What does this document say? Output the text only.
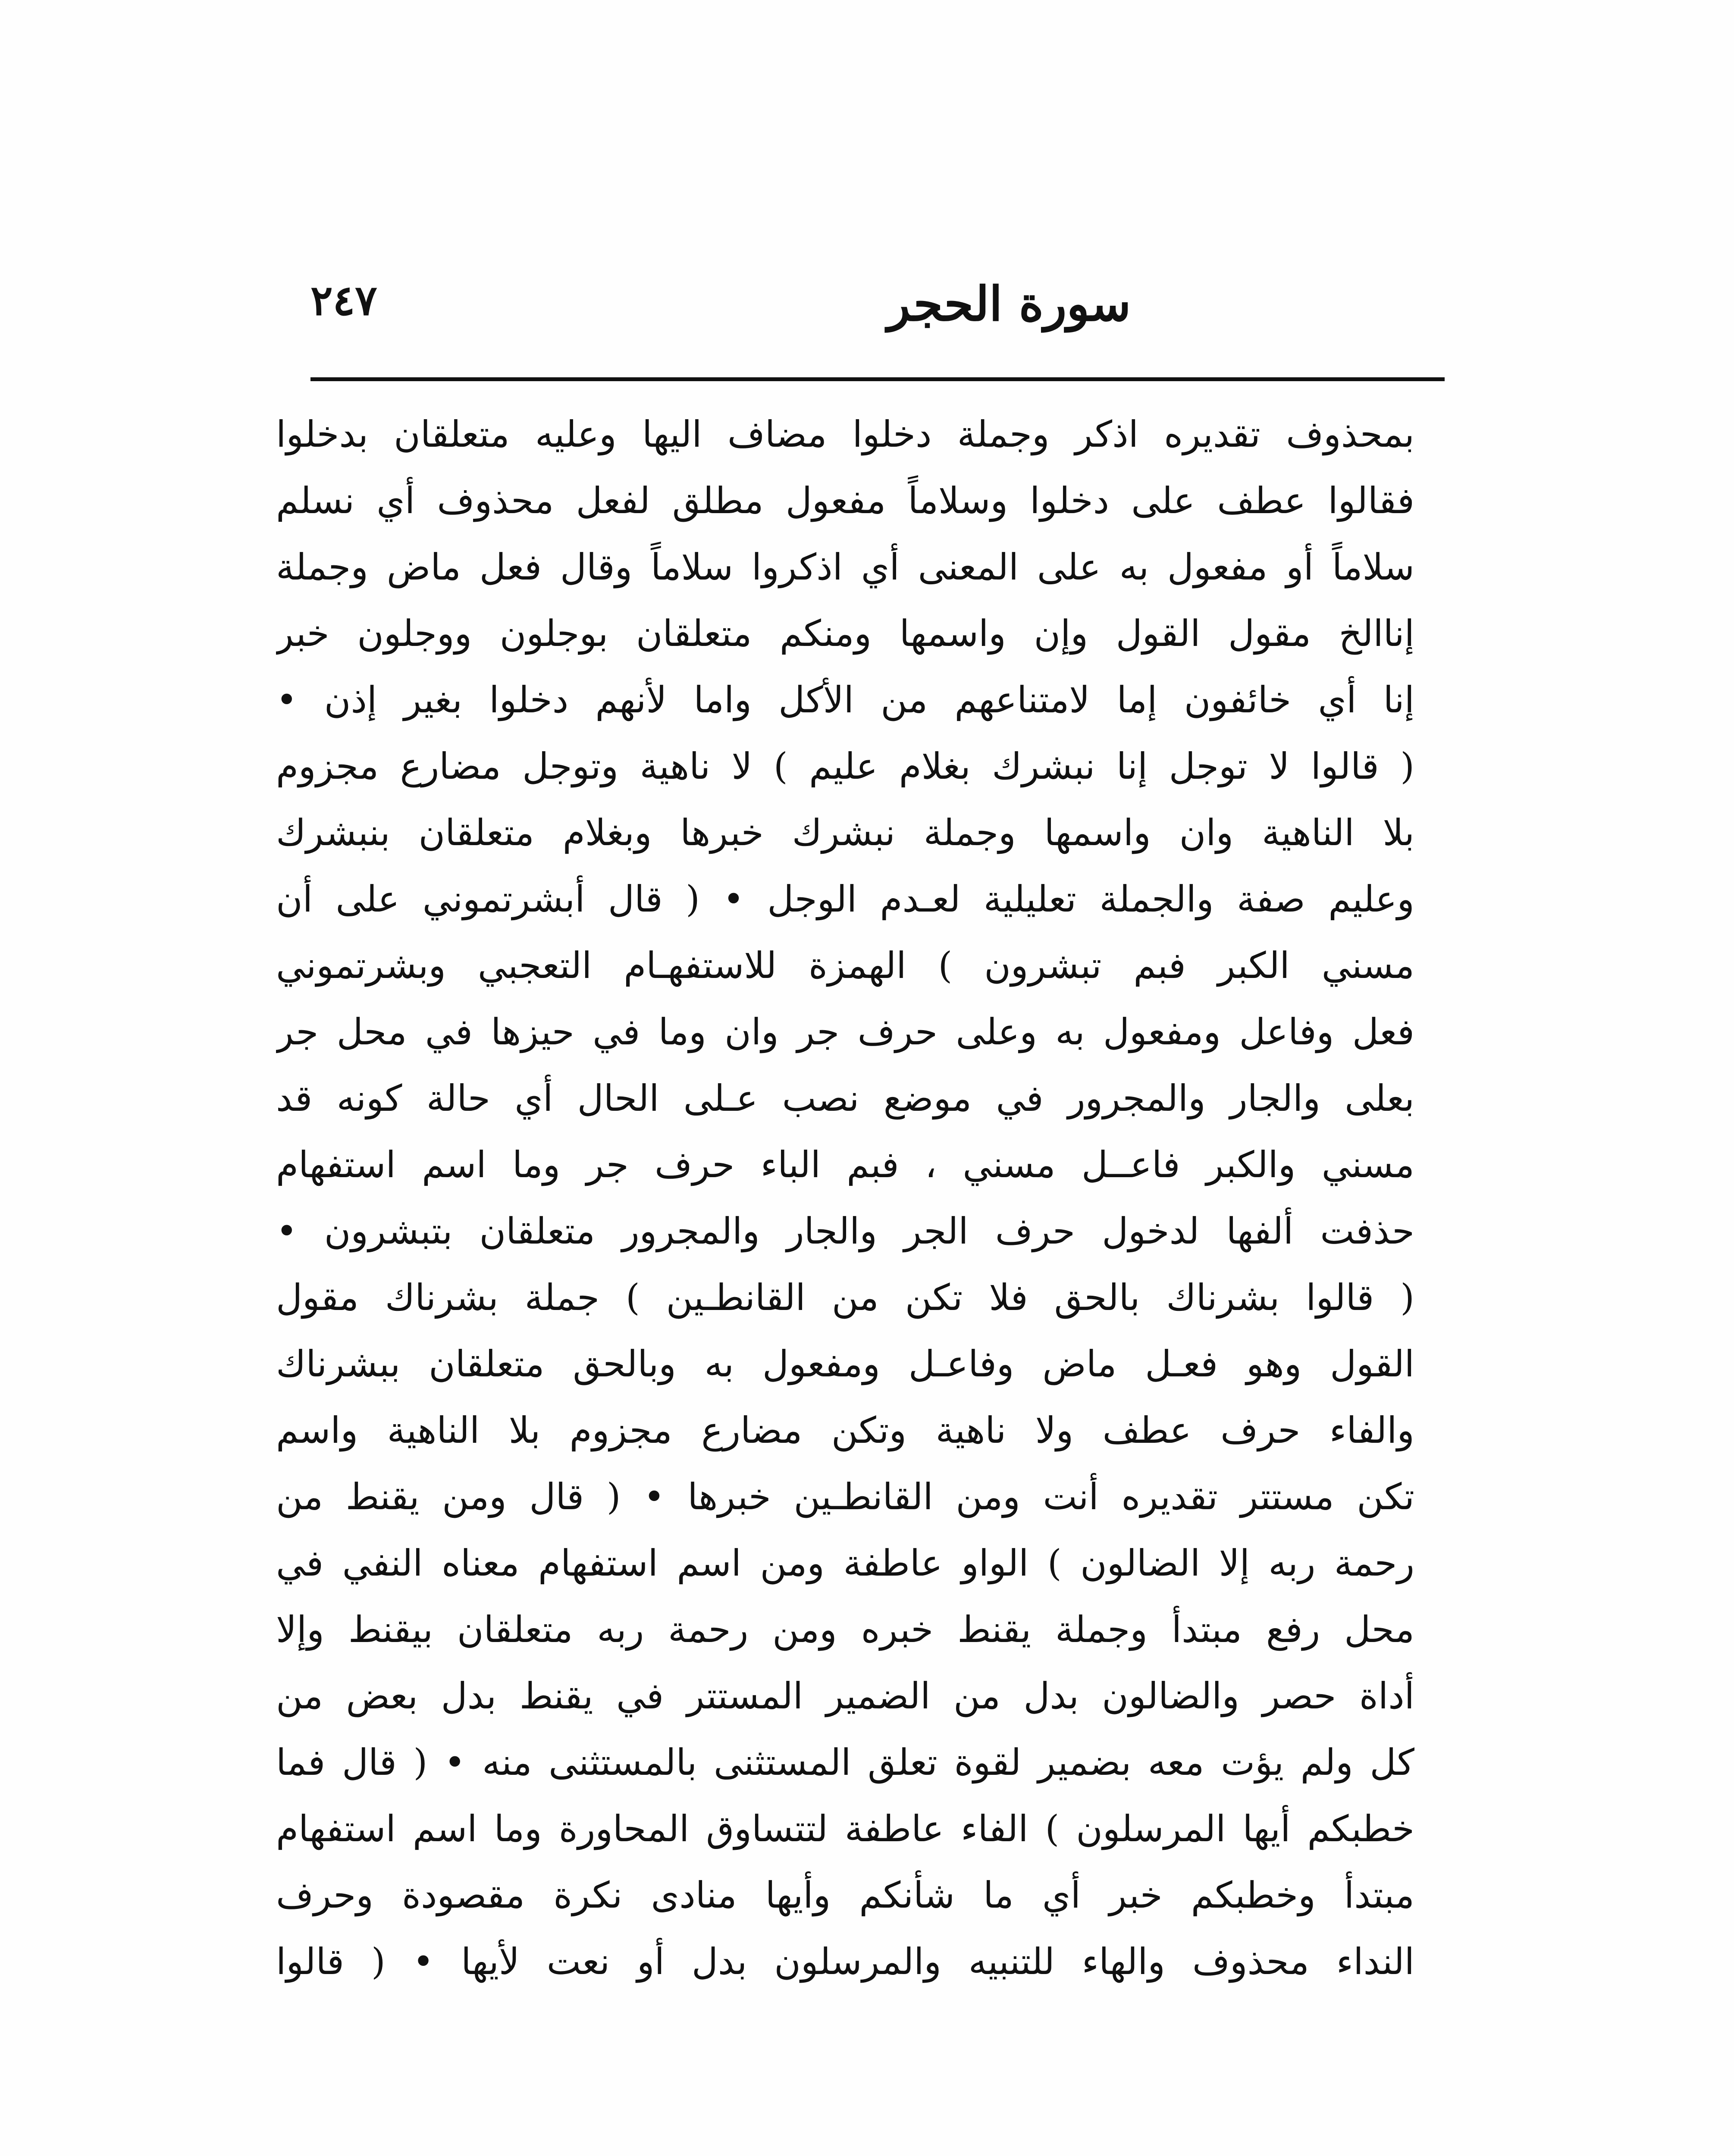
٢٤٧	سورة الحجر
بمحذوف تقديره اذكر وجملة دخلوا مضاف اليها وعليه متعلقان بدخلوا
فقالوا عطف على دخلوا وسلاماً مفعول مطلق لفعل محذوف أي نسلم
سلاماً أو مفعول به على المعنى أي اذكروا سلاماً وقال فعل ماض وجملة
إناالخ مقول القول وإن واسمها ومنكم متعلقان بوجلون ووجلون خبر
إنا أي خائفون إما لامتناعهم من الأكل واما لأنهم دخلوا بغير إذن •
( قالوا لا توجل إنا نبشرك بغلام عليم ) لا ناهية وتوجل مضارع مجزوم
بلا الناهية وان واسمها وجملة نبشرك خبرها وبغلام متعلقان بنبشرك
وعليم صفة والجملة تعليلية لعـدم الوجل • ( قال أبشرتموني على أن
مسني الكبر فبم تبشرون ) الهمزة للاستفهـام التعجبي وبشرتموني
فعل وفاعل ومفعول به وعلى حرف جر وان وما في حيزها في محل جر
بعلى والجار والمجرور في موضع نصب عـلى الحال أي حالة كونه قد
مسني والكبر فاعــل مسني ، فبم الباء حرف جر وما اسم استفهام
حذفت ألفها لدخول حرف الجر والجار والمجرور متعلقان بتبشرون •
( قالوا بشرناك بالحق فلا تكن من القانطـين ) جملة بشرناك مقول
القول وهو فعـل ماض وفاعـل ومفعول به وبالحق متعلقان ببشرناك
والفاء حرف عطف ولا ناهية وتكن مضارع مجزوم بلا الناهية واسم
تكن مستتر تقديره أنت ومن القانطـين خبرها • ( قال ومن يقنط من
رحمة ربه إلا الضالون ) الواو عاطفة ومن اسم استفهام معناه النفي في
محل رفع مبتدأ وجملة يقنط خبره ومن رحمة ربه متعلقان بيقنط وإلا
أداة حصر والضالون بدل من الضمير المستتر في يقنط بدل بعض من
كل ولم يؤت معه بضمير لقوة تعلق المستثنى بالمستثنى منه • ( قال فما
خطبكم أيها المرسلون ) الفاء عاطفة لتتساوق المحاورة وما اسم استفهام
مبتدأ وخطبكم خبر أي ما شأنكم وأيها منادى نكرة مقصودة وحرف
النداء محذوف والهاء للتنبيه والمرسلون بدل أو نعت لأيها • ( قالوا
